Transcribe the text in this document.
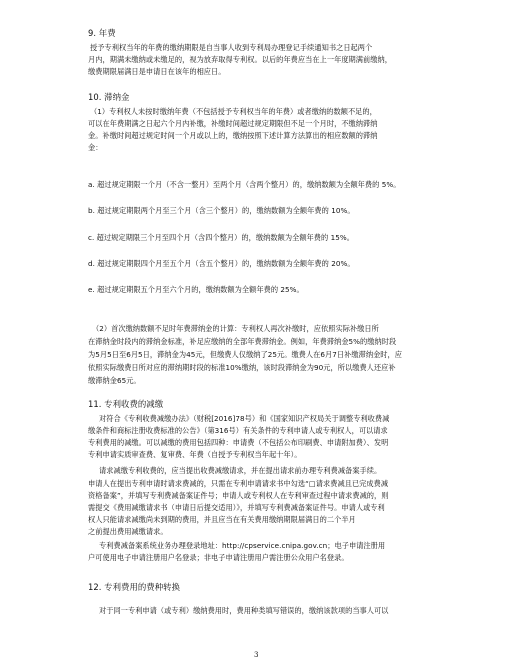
9. 年费

授予专利权当年的年费的缴纳期限是自当事人收到专利局办理登记手续通知书之日起两个

月内，期满未缴纳或未缴足的，视为放弃取得专利权。以后的年费应当在上一年度期满前缴纳，

缴费期限届满日是申请日在该年的相应日。

10. 滞纳金

（1）专利权人未按时缴纳年费（不包括授予专利权当年的年费）或者缴纳的数额不足的，

可以在年费期满之日起六个月内补缴，补缴时间超过规定期限但不足一个月时，不缴纳滞纳

金。补缴时间超过规定时间一个月或以上的，缴纳按照下述计算方法算出的相应数额的滞纳

金：

a. 超过规定期限一个月（不含一整月）至两个月（含两个整月）的，缴纳数额为全额年费的 5%。

b. 超过规定期限两个月至三个月（含三个整月）的，缴纳数额为全额年费的 10%。

c. 超过规定期限三个月至四个月（含四个整月）的，缴纳数额为全额年费的 15%。

d. 超过规定期限四个月至五个月（含五个整月）的，缴纳数额为全额年费的 20%。

e. 超过规定期限五个月至六个月的，缴纳数额为全额年费的 25%。

（2）首次缴纳数额不足时年费滞纳金的计算：专利权人再次补缴时，应依照实际补缴日所

在滞纳金时段内的滞纳金标准，补足应缴纳的全部年费滞纳金。例如，年费滞纳金5%的缴纳时段

为5月5日至6月5日，滞纳金为45元，但缴费人仅缴纳了25元。缴费人在6月7日补缴滞纳金时，应

依照实际缴费日所对应的滞纳期时段的标准10%缴纳，该时段滞纳金为90元，所以缴费人还应补

缴滞纳金65元。

11. 专利收费的减缴

对符合《专利收费减缴办法》（财税[2016]78号）和《国家知识产权局关于调整专利收费减

缴条件和商标注册收费标准的公告》（第316号）有关条件的专利申请人或专利权人，可以请求

专利费用的减缴。可以减缴的费用包括四种：申请费（不包括公布印刷费、申请附加费）、发明

专利申请实质审查费、复审费、年费（自授予专利权当年起十年）。

请求减缴专利收费的，应当提出收费减缴请求，并在提出请求前办理专利费减备案手续。

申请人在提出专利申请时请求费减的，只需在专利申请请求书中勾选“□请求费减且已完成费减

资格备案”，并填写专利费减备案证件号；申请人或专利权人在专利审查过程中请求费减的，则

需提交《费用减缴请求书（申请日后提交适用）》，并填写专利费减备案证件号。申请人或专利

权人只能请求减缴尚未到期的费用，并且应当在有关费用缴纳期限届满日的二个半月

之前提出费用减缴请求。

专利费减备案系统业务办理登录地址：http://cpservice.cnipa.gov.cn；电子申请注册用

户可使用电子申请注册用户名登录；非电子申请注册用户需注册公众用户名登录。

12. 专利费用的费种转换

对于同一专利申请（或专利）缴纳费用时，费用种类填写错误的，缴纳该款项的当事人可以

3
